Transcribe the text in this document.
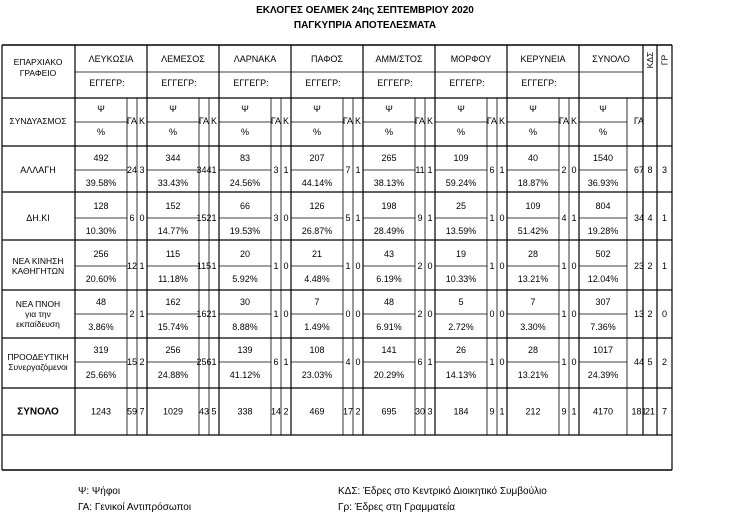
ΕΚΛΟΓΕΣ ΟΕΛΜΕΚ 24ης ΣΕΠΤΕΜΒΡΙΟΥ 2020
ΠΑΓΚΥΠΡΙΑ ΑΠΟΤΕΛΕΣΜΑΤΑ
ΕΠΑΡΧΙΑΚΟ
ΓΡΑΦΕΙΟ
ΣΥΝΔΥΑΣΜΟΣ
ΛΕΥΚΩΣΙΑ
ΕΓΓΕΓΡ:
ΛΕΜΕΣΟΣ
ΕΓΓΕΓΡ:
ΛΑΡΝΑΚΑ
ΕΓΓΕΓΡ:
ΠΑΦΟΣ
ΕΓΓΕΓΡ:
ΑΜΜ/ΣΤΟΣ
ΕΓΓΕΓΡ:
ΜΟΡΦΟΥ
ΕΓΓΕΓΡ:
ΚΕΡΥΝΕΙΑ
ΕΓΓΕΓΡ:
ΣΥΝΟΛΟ ΚΔΣ ΓΡ
Ψ
%
ΓΑ Κ
Ψ
%
ΓΑ Κ
Ψ
%
ΓΑ Κ
Ψ
%
ΓΑ Κ
Ψ
%
ΓΑ Κ
Ψ
%
ΓΑ Κ
Ψ
%
ΓΑ Κ
Ψ
%
ΓΑ
ΑΛΛΑΓΗ
492
39.58%
24 3
344
33.43%
344 1
83
24.56%
3 1
207
44.14%
7 1
265
38.13%
11 1
109
59.24%
6 1
40
18.87%
2 0
1540
36.93%
67 8 3
ΔΗ.ΚΙ
128
10.30%
6 0
152
14.77%
152 1
66
19.53%
3 0
126
26.87%
5 1
198
28.49%
9 1
25
13.59%
1 0
109
51.42%
4 1
804
19.28%
34 4 1
ΝΕΑ ΚΙΝΗΣΗ
ΚΑΘΗΓΗΤΩΝ
256
20.60%
12 1
115
11.18%
115 1
20
5.92%
1 0
21
4.48%
1 0
43
6.19%
2 0
19
10.33%
1 0
28
13.21%
1 0
502
12.04%
23 2 1
ΝΕΑ ΠΝΟΗ
για την
εκπαίδευση
48
3.86%
2 1
162
15.74%
162 1
30
8.88%
1 0
7
1.49%
0 0
48
6.91%
2 0
5
2.72%
0 0
7
3.30%
1 0
307
7.36%
13 2 0
ΠΡΟΟΔΕΥΤΙΚΗ
Συνεργαζόμενοι
319
25.66%
15 2
256
24.88%
256 1
139
41.12%
6 1
108
23.03%
4 0
141
20.29%
6 1
26
14.13%
1 0
28
13.21%
1 0
1017
24.39%
44 5 2
ΣΥΝΟΛΟ	1243 59 7 1029 43 5 338 14 2 469 17 2 695 30 3 184 9 1 212 9 1 4170 181
21 7
Ψ: Ψήφοι
ΓΑ: Γενικοί Αντιπρόσωποι
ΚΔΣ: Έδρες στο Κεντρικό Διοικητικό Συμβούλιο
Γρ: Έδρες στη Γραμματεία
